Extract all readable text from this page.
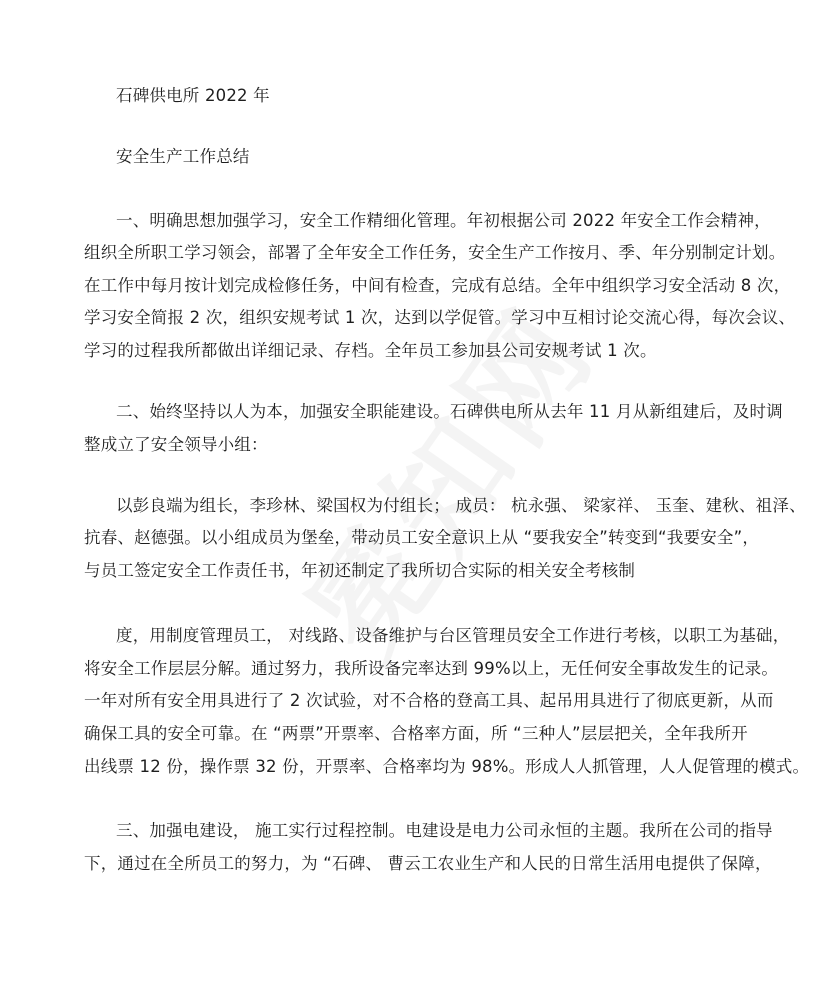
石碑供电所 2022 年
安全生产工作总结
一、明确思想加强学习，安全工作精细化管理。年初根据公司 2022 年安全工作会精神，
组织全所职工学习领会，部署了全年安全工作任务，安全生产工作按月、季、年分别制定计划。
在工作中每月按计划完成检修任务，中间有检查，完成有总结。全年中组织学习安全活动 8 次，
学习安全简报 2 次，组织安规考试 1 次，达到以学促管。学习中互相讨论交流心得，每次会议、
学习的过程我所都做出详细记录、存档。全年员工参加县公司安规考试 1 次。
二、始终坚持以人为本，加强安全职能建设。石碑供电所从去年 11 月从新组建后，及时调
整成立了安全领导小组：
以彭良端为组长，李珍林、梁国权为付组长； 成员： 杭永强、 梁家祥、 玉奎、建秋、祖泽、
抗春、赵德强。以小组成员为堡垒，带动员工安全意识上从 “要我安全”转变到“我要安全”，
与员工签定安全工作责任书，年初还制定了我所切合实际的相关安全考核制
度，用制度管理员工， 对线路、设备维护与台区管理员安全工作进行考核，以职工为基础，
将安全工作层层分解。通过努力，我所设备完率达到 99%以上，无任何安全事故发生的记录。
一年对所有安全用具进行了 2 次试验，对不合格的登高工具、起吊用具进行了彻底更新，从而
确保工具的安全可靠。在 “两票”开票率、合格率方面，所 “三种人”层层把关，全年我所开
出线票 12 份，操作票 32 份，开票率、合格率均为 98%。形成人人抓管理，人人促管理的模式。
三、加强电建设， 施工实行过程控制。电建设是电力公司永恒的主题。我所在公司的指导
下，通过在全所员工的努力，为 “石碑、 曹云工农业生产和人民的日常生活用电提供了保障，
